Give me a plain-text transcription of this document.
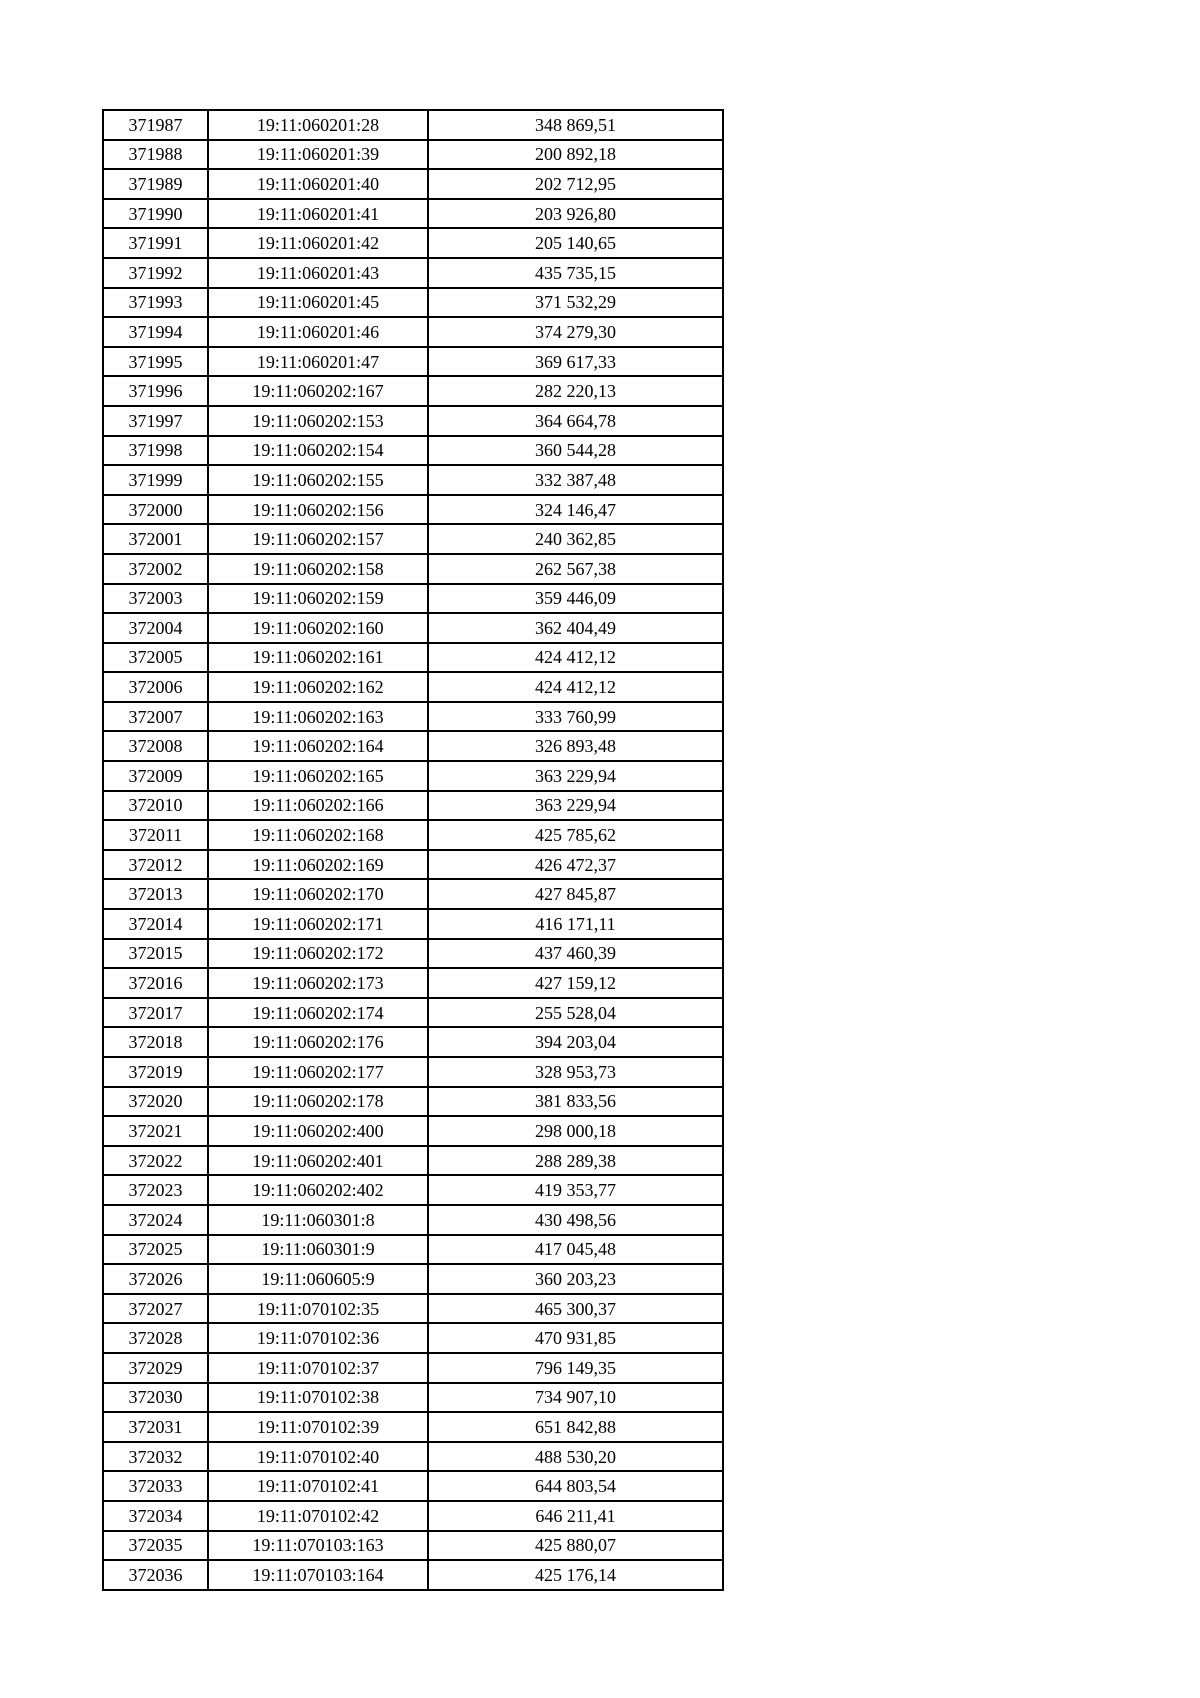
371987	19:11:060201:28	348 869,51
371988	19:11:060201:39	200 892,18
371989	19:11:060201:40	202 712,95
371990	19:11:060201:41	203 926,80
371991	19:11:060201:42	205 140,65
371992	19:11:060201:43	435 735,15
371993	19:11:060201:45	371 532,29
371994	19:11:060201:46	374 279,30
371995	19:11:060201:47	369 617,33
371996	19:11:060202:167	282 220,13
371997	19:11:060202:153	364 664,78
371998	19:11:060202:154	360 544,28
371999	19:11:060202:155	332 387,48
372000	19:11:060202:156	324 146,47
372001	19:11:060202:157	240 362,85
372002	19:11:060202:158	262 567,38
372003	19:11:060202:159	359 446,09
372004	19:11:060202:160	362 404,49
372005	19:11:060202:161	424 412,12
372006	19:11:060202:162	424 412,12
372007	19:11:060202:163	333 760,99
372008	19:11:060202:164	326 893,48
372009	19:11:060202:165	363 229,94
372010	19:11:060202:166	363 229,94
372011	19:11:060202:168	425 785,62
372012	19:11:060202:169	426 472,37
372013	19:11:060202:170	427 845,87
372014	19:11:060202:171	416 171,11
372015	19:11:060202:172	437 460,39
372016	19:11:060202:173	427 159,12
372017	19:11:060202:174	255 528,04
372018	19:11:060202:176	394 203,04
372019	19:11:060202:177	328 953,73
372020	19:11:060202:178	381 833,56
372021	19:11:060202:400	298 000,18
372022	19:11:060202:401	288 289,38
372023	19:11:060202:402	419 353,77
372024	19:11:060301:8	430 498,56
372025	19:11:060301:9	417 045,48
372026	19:11:060605:9	360 203,23
372027	19:11:070102:35	465 300,37
372028	19:11:070102:36	470 931,85
372029	19:11:070102:37	796 149,35
372030	19:11:070102:38	734 907,10
372031	19:11:070102:39	651 842,88
372032	19:11:070102:40	488 530,20
372033	19:11:070102:41	644 803,54
372034	19:11:070102:42	646 211,41
372035	19:11:070103:163	425 880,07
372036	19:11:070103:164	425 176,14
